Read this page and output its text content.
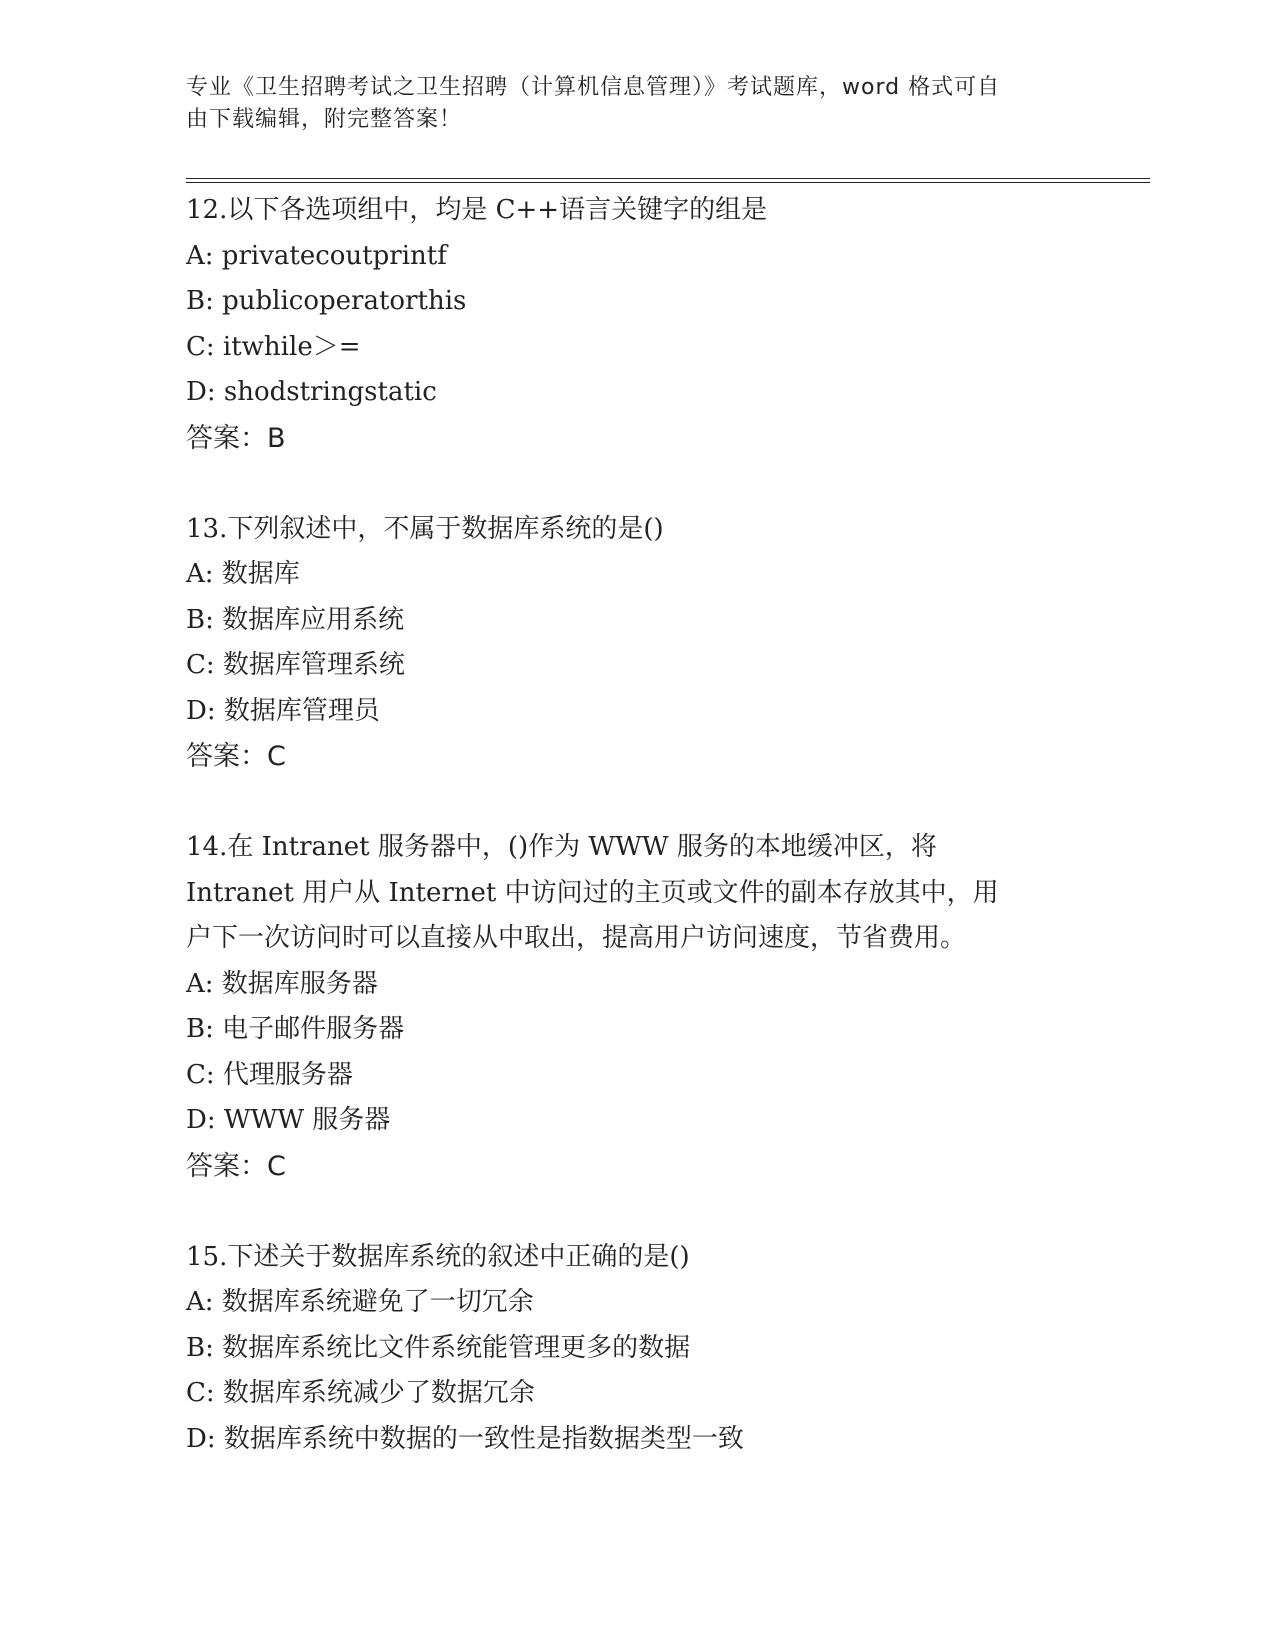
专业《卫生招聘考试之卫生招聘（计算机信息管理）》考试题库，word 格式可自
由下载编辑，附完整答案！
12.以下各选项组中，均是 C++语言关键字的组是
A: privatecoutprintf
B: publicoperatorthis
C: itwhile＞=
D: shodstringstatic
答案：B
13.下列叙述中，不属于数据库系统的是()
A: 数据库
B: 数据库应用系统
C: 数据库管理系统
D: 数据库管理员
答案：C
14.在 Intranet 服务器中，()作为 WWW 服务的本地缓冲区，将
Intranet 用户从 Internet 中访问过的主页或文件的副本存放其中，用
户下一次访问时可以直接从中取出，提高用户访问速度，节省费用。
A: 数据库服务器
B: 电子邮件服务器
C: 代理服务器
D: WWW 服务器
答案：C
15.下述关于数据库系统的叙述中正确的是()
A: 数据库系统避免了一切冗余
B: 数据库系统比文件系统能管理更多的数据
C: 数据库系统减少了数据冗余
D: 数据库系统中数据的一致性是指数据类型一致
